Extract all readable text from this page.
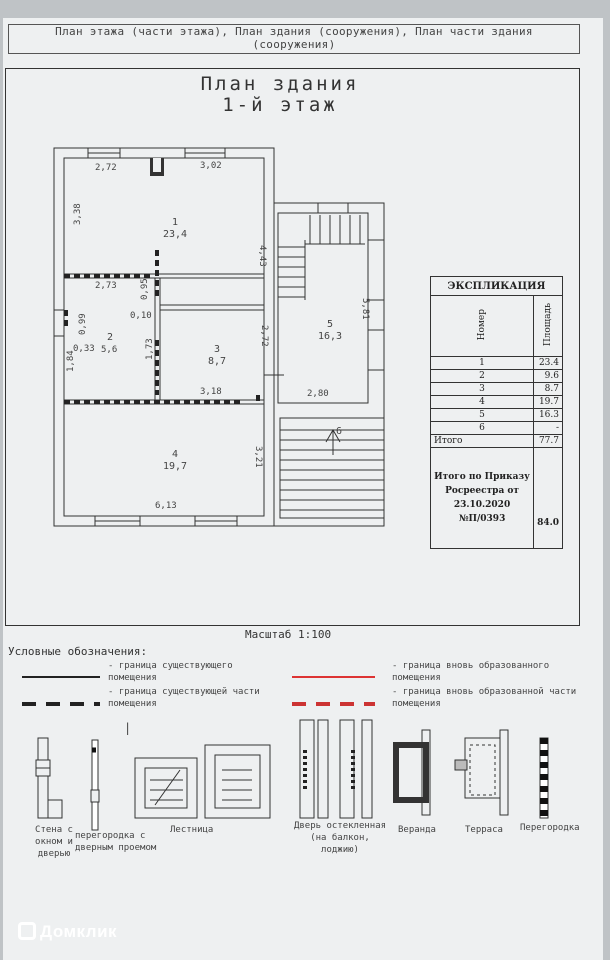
План этажа (части этажа), План здания (сооружения), План части здания
(сооружения)
План здания
1-й этаж
2,72	3,02
3,38
4,43
2,73	0,95
0,10
0,99
0,33 5,6
1,84
1,73
2,72
3,18
5,81
2,80
3,21
6,13
1
23,4
2
3
8,7
4
19,7
5
16,3
6
|
ЭКСПЛИКАЦИЯ	
Номер	Площадь
1	23.4
2	9.6
3	8.7
4	19.7
5	16.3
6	-
Итого	77.7
Итого по Приказу Росреестра от 23.10.2020 №П/0393	84.0
Масштаб 1:100
Условные обозначения:
- граница существующего помещения
- граница существующей части помещения
- граница вновь образованного помещения
- граница вновь образованной части помещения
Стена с окном и дверью
перегородка с дверным проемом
Лестница	Дверь остекленная (на балкон, лоджию)
Веранда	Терраса	Перегородка
Домклик
